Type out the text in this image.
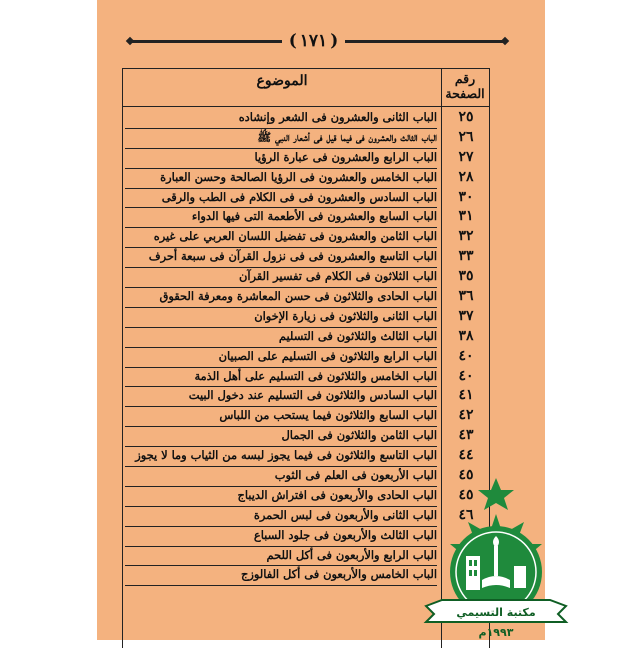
( ١٧١ )
الموضوع	رقم
الصفحة
الباب الثانى والعشرون فى الشعر وإنشاده	٢٥
الباب الثالث والعشرون فى فيما قيل فى أشعار النبي ﷺ	٢٦
الباب الرابع والعشرون فى عبارة الرؤيا	٢٧
الباب الخامس والعشرون فى الرؤيا الصالحة وحسن العبارة	٢٨
الباب السادس والعشرون فى فى الكلام فى الطب والرقى	٣٠
الباب السابع والعشرون فى الأطعمة التى فيها الدواء	٣١
الباب الثامن والعشرون فى تفضيل اللسان العربي على غيره	٣٢
الباب التاسع والعشرون فى فى نزول القرآن فى سبعة أحرف	٣٣
الباب الثلاثون فى الكلام فى تفسير القرآن	٣٥
الباب الحادى والثلاثون فى حسن المعاشرة ومعرفة الحقوق	٣٦
الباب الثانى والثلاثون فى زيارة الإخوان	٣٧
الباب الثالث والثلاثون فى التسليم	٣٨
الباب الرابع والثلاثون فى التسليم على الصبيان	٤٠
الباب الخامس والثلاثون فى التسليم على أهل الذمة	٤٠
الباب السادس والثلاثون فى التسليم عند دخول البيت	٤١
الباب السابع والثلاثون فيما يستحب من اللباس	٤٢
الباب الثامن والثلاثون فى الجمال	٤٣
الباب التاسع والثلاثون فى فيما يجوز لبسه من الثياب وما لا يجوز	٤٤
الباب الأربعون فى العلم فى الثوب	٤٥
الباب الحادى والأربعون فى افتراش الديباج	٤٥
الباب الثانى والأربعون فى لبس الحمرة	٤٦
الباب الثالث والأربعون فى جلود السباع
الباب الرابع والأربعون فى أكل اللحم
الباب الخامس والأربعون فى أكل الفالوزج
مكتبة التسيمي
١٩٩٣م
